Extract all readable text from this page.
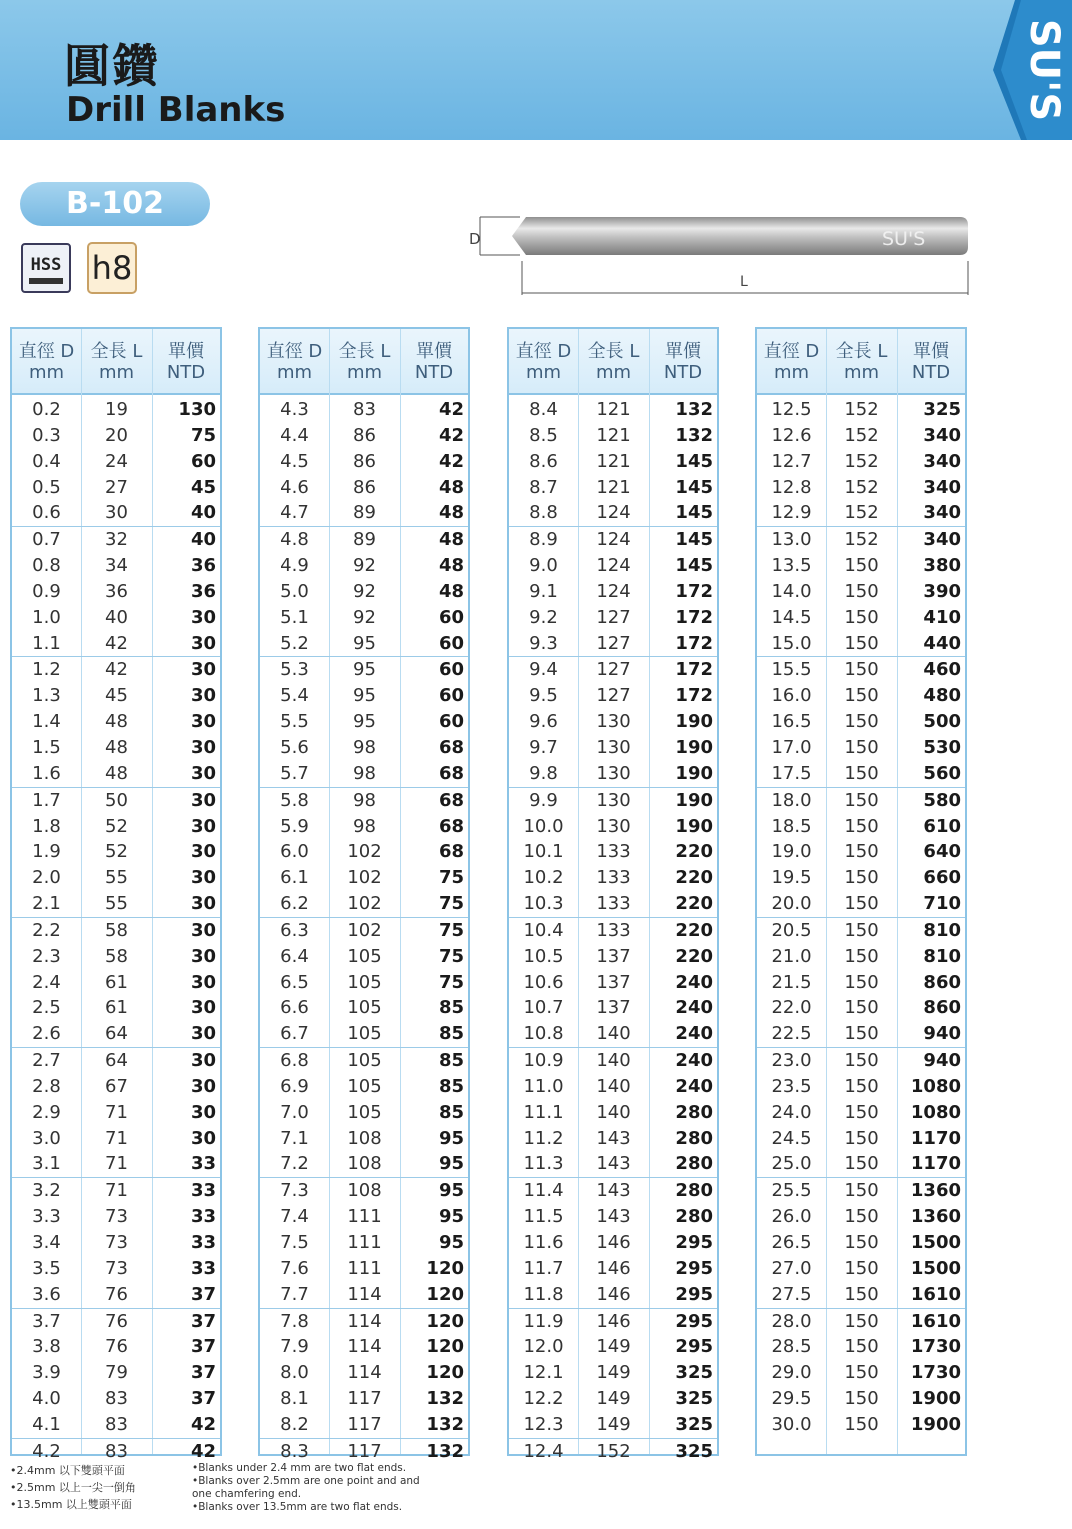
圓鑽
Drill Blanks	SU'S
B-102
HSS h8
D	SU'S
L
直徑 D
mm
全長 L
mm
單價
NTD
0.2	19	130
0.3	20	75
0.4	24	60
0.5	27	45
0.6	30	40
0.7	32	40
0.8	34	36
0.9	36	36
1.0	40	30
1.1	42	30
1.2	42	30
1.3	45	30
1.4	48	30
1.5	48	30
1.6	48	30
1.7	50	30
1.8	52	30
1.9	52	30
2.0	55	30
2.1	55	30
2.2	58	30
2.3	58	30
2.4	61	30
2.5	61	30
2.6	64	30
2.7	64	30
2.8	67	30
2.9	71	30
3.0	71	30
3.1	71	33
3.2	71	33
3.3	73	33
3.4	73	33
3.5	73	33
3.6	76	37
3.7	76	37
3.8	76	37
3.9	79	37
4.0	83	37
4.1	83	42
4.2	83	42
直徑 D
mm
全長 L
mm
單價
NTD
4.3	83	42
4.4	86	42
4.5	86	42
4.6	86	48
4.7	89	48
4.8	89	48
4.9	92	48
5.0	92	48
5.1	92	60
5.2	95	60
5.3	95	60
5.4	95	60
5.5	95	60
5.6	98	68
5.7	98	68
5.8	98	68
5.9	98	68
6.0	102	68
6.1	102	75
6.2	102	75
6.3	102	75
6.4	105	75
6.5	105	75
6.6	105	85
6.7	105	85
6.8	105	85
6.9	105	85
7.0	105	85
7.1	108	95
7.2	108	95
7.3	108	95
7.4	111	95
7.5	111	95
7.6	111	120
7.7	114	120
7.8	114	120
7.9	114	120
8.0	114	120
8.1	117	132
8.2	117	132
8.3	117	132
直徑 D
mm
全長 L
mm
單價
NTD
8.4	121	132
8.5	121	132
8.6	121	145
8.7	121	145
8.8	124	145
8.9	124	145
9.0	124	145
9.1	124	172
9.2	127	172
9.3	127	172
9.4	127	172
9.5	127	172
9.6	130	190
9.7	130	190
9.8	130	190
9.9	130	190
10.0	130	190
10.1	133	220
10.2	133	220
10.3	133	220
10.4	133	220
10.5	137	220
10.6	137	240
10.7	137	240
10.8	140	240
10.9	140	240
11.0	140	240
11.1	140	280
11.2	143	280
11.3	143	280
11.4	143	280
11.5	143	280
11.6	146	295
11.7	146	295
11.8	146	295
11.9	146	295
12.0	149	295
12.1	149	325
12.2	149	325
12.3	149	325
12.4	152	325
直徑 D
mm
全長 L
mm
單價
NTD
12.5	152	325
12.6	152	340
12.7	152	340
12.8	152	340
12.9	152	340
13.0	152	340
13.5	150	380
14.0	150	390
14.5	150	410
15.0	150	440
15.5	150	460
16.0	150	480
16.5	150	500
17.0	150	530
17.5	150	560
18.0	150	580
18.5	150	610
19.0	150	640
19.5	150	660
20.0	150	710
20.5	150	810
21.0	150	810
21.5	150	860
22.0	150	860
22.5	150	940
23.0	150	940
23.5	150	1080
24.0	150	1080
24.5	150	1170
25.0	150	1170
25.5	150	1360
26.0	150	1360
26.5	150	1500
27.0	150	1500
27.5	150	1610
28.0	150	1610
28.5	150	1730
29.0	150	1730
29.5	150	1900
30.0	150	1900
•2.4mm 以下雙頭平面
•2.5mm 以上一尖一倒角
•13.5mm 以上雙頭平面
•Blanks under 2.4 mm are two flat ends.
•Blanks over 2.5mm are one point and and
one chamfering end.
•Blanks over 13.5mm are two flat ends.
